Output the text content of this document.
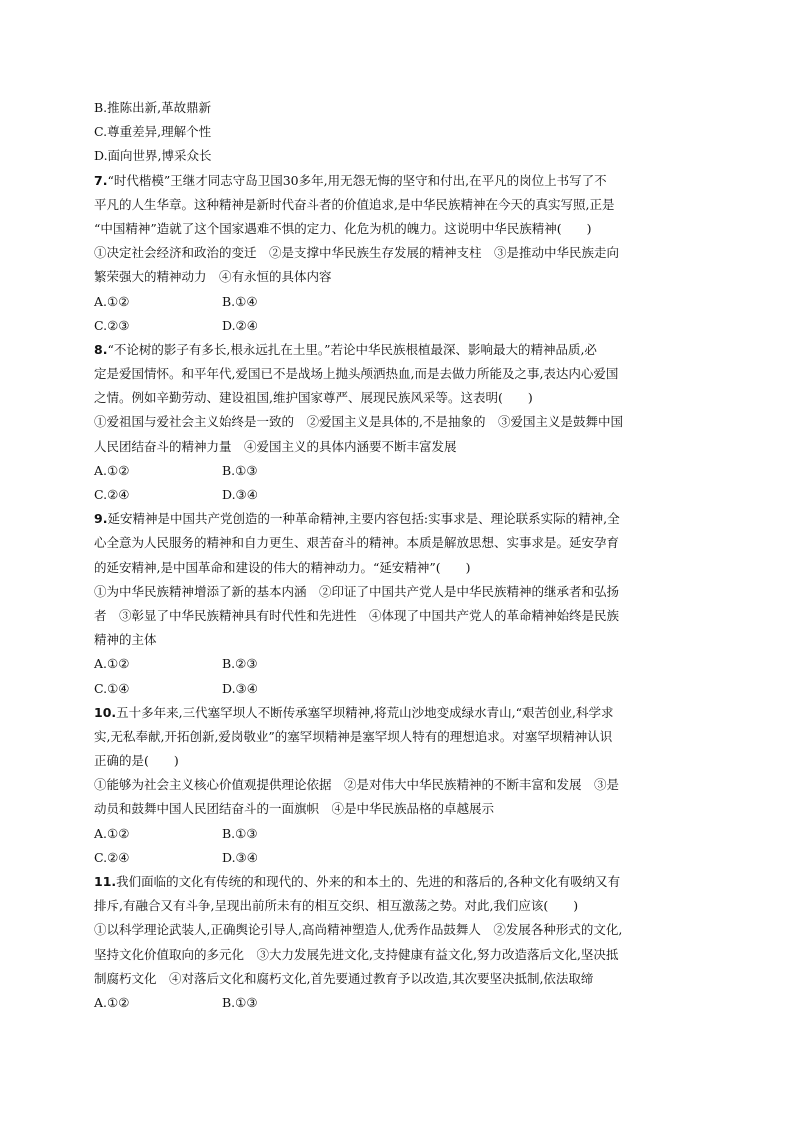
B.推陈出新,革故鼎新
C.尊重差异,理解个性
D.面向世界,博采众长
7.“时代楷模”王继才同志守岛卫国30多年,用无怨无悔的坚守和付出,在平凡的岗位上书写了不
平凡的人生华章。这种精神是新时代奋斗者的价值追求,是中华民族精神在今天的真实写照,正是
“中国精神”造就了这个国家遇难不惧的定力、化危为机的魄力。这说明中华民族精神(　　)
①决定社会经济和政治的变迁　②是支撑中华民族生存发展的精神支柱　③是推动中华民族走向
繁荣强大的精神动力　④有永恒的具体内容
A.①②	B.①④
C.②③	D.②④
8.“不论树的影子有多长,根永远扎在土里。”若论中华民族根植最深、影响最大的精神品质,必
定是爱国情怀。和平年代,爱国已不是战场上抛头颅洒热血,而是去做力所能及之事,表达内心爱国
之情。例如辛勤劳动、建设祖国,维护国家尊严、展现民族风采等。这表明(　　)
①爱祖国与爱社会主义始终是一致的　②爱国主义是具体的,不是抽象的　③爱国主义是鼓舞中国
人民团结奋斗的精神力量　④爱国主义的具体内涵要不断丰富发展
A.①②	B.①③
C.②④	D.③④
9.延安精神是中国共产党创造的一种革命精神,主要内容包括:实事求是、理论联系实际的精神,全
心全意为人民服务的精神和自力更生、艰苦奋斗的精神。本质是解放思想、实事求是。延安孕育
的延安精神,是中国革命和建设的伟大的精神动力。“延安精神”(　　)
①为中华民族精神增添了新的基本内涵　②印证了中国共产党人是中华民族精神的继承者和弘扬
者　③彰显了中华民族精神具有时代性和先进性　④体现了中国共产党人的革命精神始终是民族
精神的主体
A.①②	B.②③
C.①④	D.③④
10.五十多年来,三代塞罕坝人不断传承塞罕坝精神,将荒山沙地变成绿水青山,“艰苦创业,科学求
实,无私奉献,开拓创新,爱岗敬业”的塞罕坝精神是塞罕坝人特有的理想追求。对塞罕坝精神认识
正确的是(　　)
①能够为社会主义核心价值观提供理论依据　②是对伟大中华民族精神的不断丰富和发展　③是
动员和鼓舞中国人民团结奋斗的一面旗帜　④是中华民族品格的卓越展示
A.①②	B.①③
C.②④	D.③④
11.我们面临的文化有传统的和现代的、外来的和本土的、先进的和落后的,各种文化有吸纳又有
排斥,有融合又有斗争,呈现出前所未有的相互交织、相互激荡之势。对此,我们应该(　　)
①以科学理论武装人,正确舆论引导人,高尚精神塑造人,优秀作品鼓舞人　②发展各种形式的文化,
坚持文化价值取向的多元化　③大力发展先进文化,支持健康有益文化,努力改造落后文化,坚决抵
制腐朽文化　④对落后文化和腐朽文化,首先要通过教育予以改造,其次要坚决抵制,依法取缔
A.①②	B.①③
